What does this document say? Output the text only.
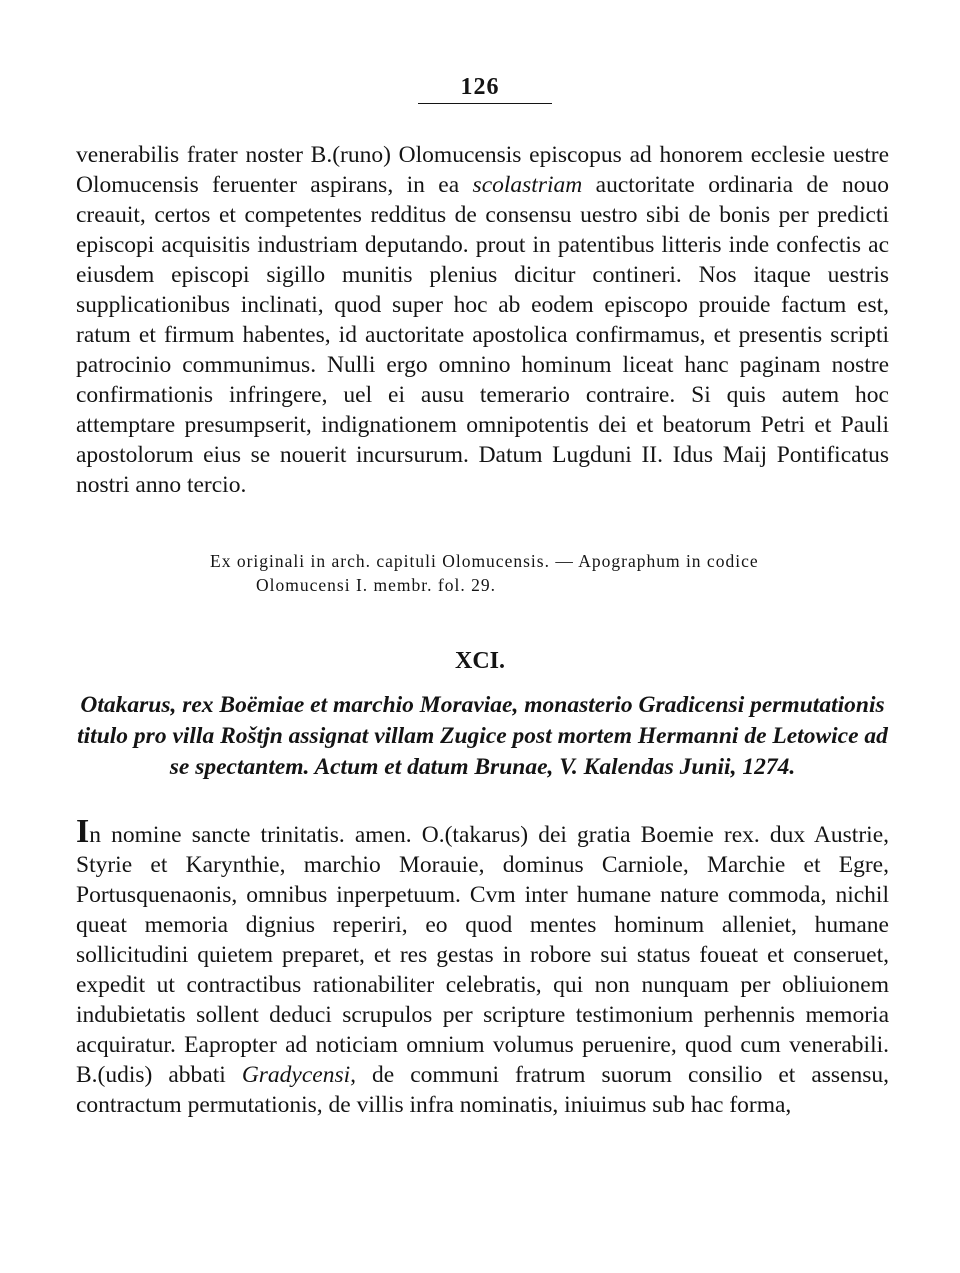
126

venerabilis frater noster B.(runo) Olomucensis episcopus ad honorem ecclesie uestre Olomucensis feruenter aspirans, in ea scolastriam auctoritate ordinaria de nouo creauit, certos et competentes redditus de consensu uestro sibi de bonis per predicti episcopi acquisitis industriam deputando. prout in patentibus litteris inde confectis ac eiusdem episcopi sigillo munitis plenius dicitur contineri. Nos itaque uestris supplicationibus inclinati, quod super hoc ab eodem episcopo prouide factum est, ratum et firmum habentes, id auctoritate apostolica confirmamus, et presentis scripti patrocinio communimus. Nulli ergo omnino hominum liceat hanc paginam nostre confirmationis infringere, uel ei ausu temerario contraire. Si quis autem hoc attemptare presumpserit, indignationem omnipotentis dei et beatorum Petri et Pauli apostolorum eius se nouerit incursurum. Datum Lugduni II. Idus Maij Pontificatus nostri anno tercio.

Ex originali in arch. capituli Olomucensis. — Apographum in codice
Olomucensi I. membr. fol. 29.

XCI.

Otakarus, rex Boëmiae et marchio Moraviae, monasterio Gradicensi permutationis titulo pro villa Roštjn assignat villam Zugice post mortem Hermanni de Letowice ad se spectantem. Actum et datum Brunae, V. Kalendas Junii, 1274.

In nomine sancte trinitatis. amen. O.(takarus) dei gratia Boemie rex. dux Austrie, Styrie et Karynthie, marchio Morauie, dominus Carniole, Marchie et Egre, Portusquenaonis, omnibus inperpetuum. Cvm inter humane nature commoda, nichil queat memoria dignius reperiri, eo quod mentes hominum alleniet, humane sollicitudini quietem preparet, et res gestas in robore sui status foueat et conseruet, expedit ut contractibus rationabiliter celebratis, qui non nunquam per obliuionem indubietatis sollent deduci scrupulos per scripture testimonium perhennis memoria acquiratur. Eapropter ad noticiam omnium volumus peruenire, quod cum venerabili. B.(udis) abbati Gradycensi, de communi fratrum suorum consilio et assensu, contractum permutationis, de villis infra nominatis, iniuimus sub hac forma,
